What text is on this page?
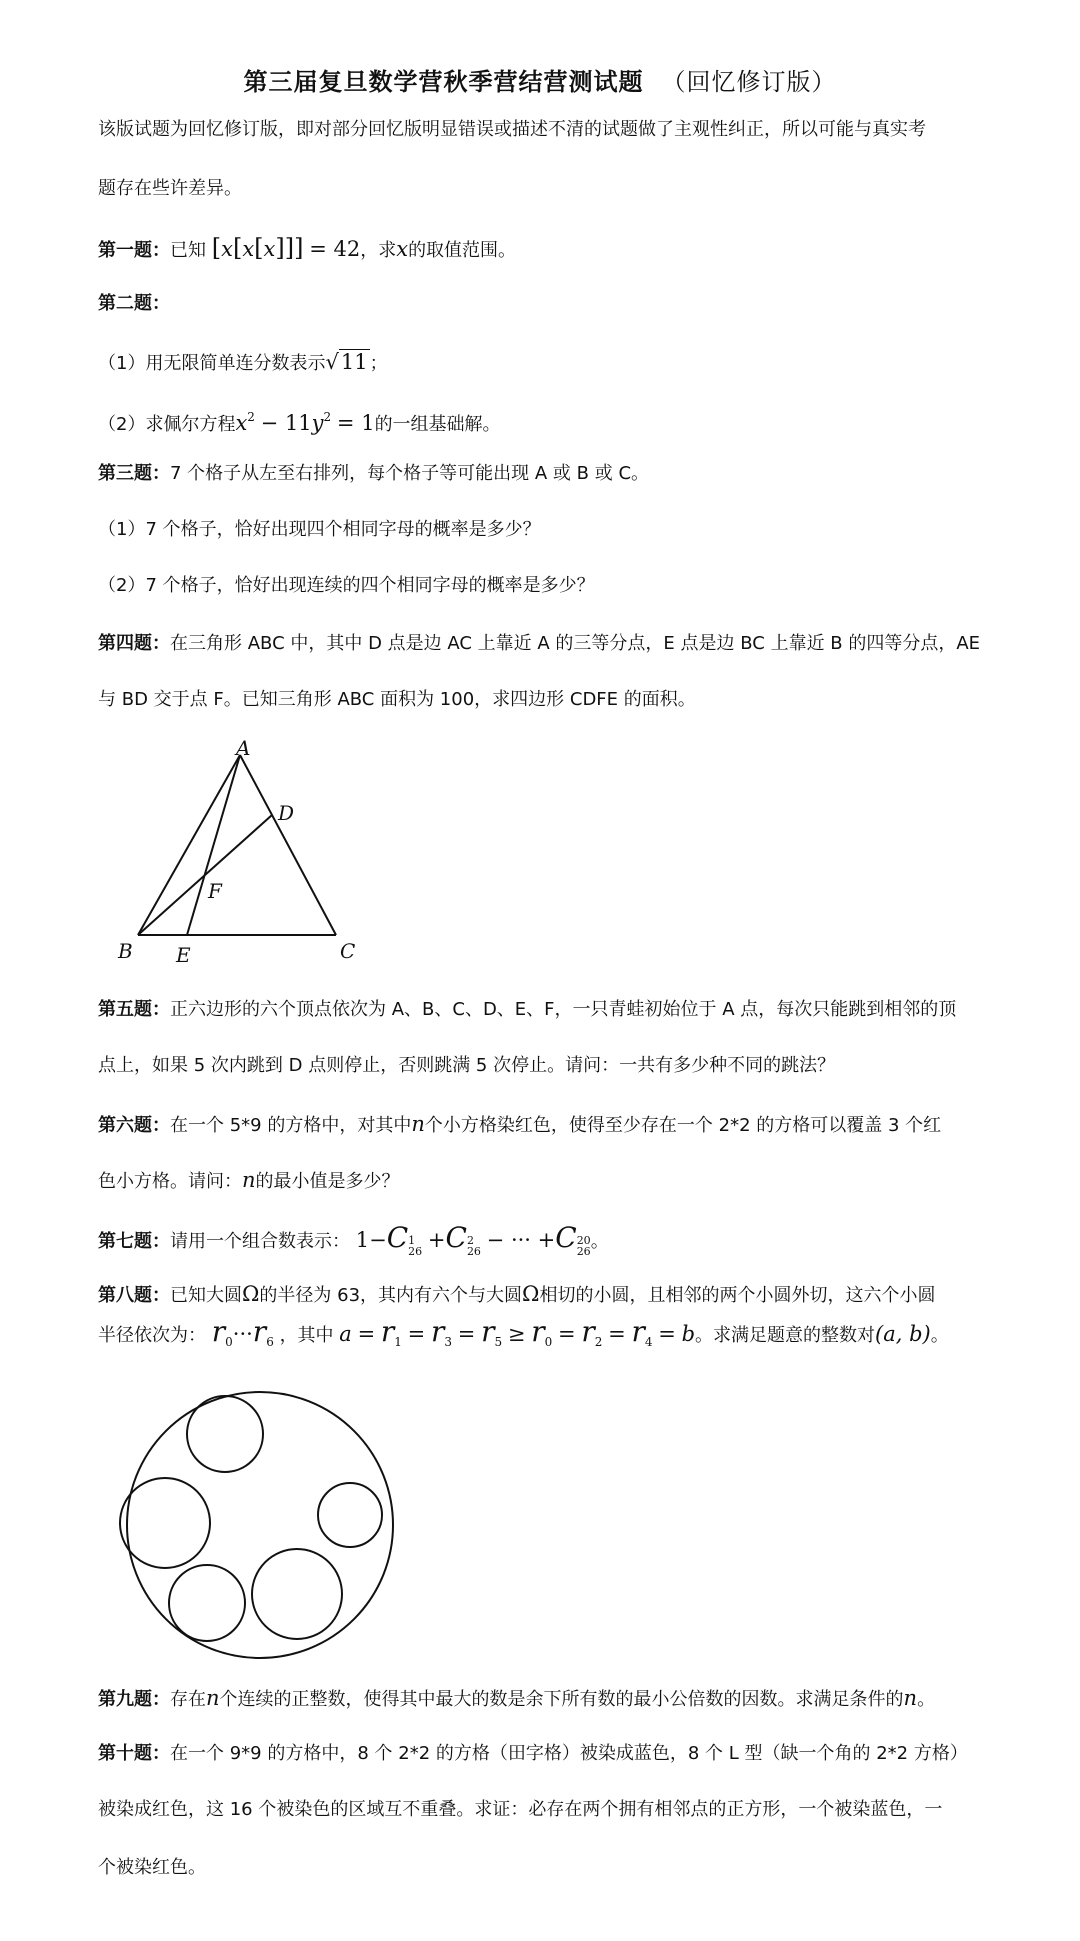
第三届复旦数学营秋季营结营测试题 （回忆修订版）
该版试题为回忆修订版，即对部分回忆版明显错误或描述不清的试题做了主观性纠正，所以可能与真实考
题存在些许差异。
第一题：已知 [x[x[x]]] = 42，求x的取值范围。
第二题：
（1）用无限简单连分数表示√11 ；
（2）求佩尔方程$x^2 - 11y^2 = 1$的一组基础解。
第三题：7 个格子从左至右排列，每个格子等可能出现 A 或 B 或 C。
（1）7 个格子，恰好出现四个相同字母的概率是多少？
（2）7 个格子，恰好出现连续的四个相同字母的概率是多少？
第四题：在三角形 ABC 中，其中 D 点是边 AC 上靠近 A 的三等分点，E 点是边 BC 上靠近 B 的四等分点，AE
与 BD 交于点 F。已知三角形 ABC 面积为 100，求四边形 CDFE 的面积。
A
B	C
D
E
F
第五题：正六边形的六个顶点依次为 A、B、C、D、E、F，一只青蛙初始位于 A 点，每次只能跳到相邻的顶
点上，如果 5 次内跳到 D 点则停止，否则跳满 5 次停止。请问：一共有多少种不同的跳法？
第六题：在一个 5*9 的方格中，对其中n个小方格染红色，使得至少存在一个 2*2 的方格可以覆盖 3 个红
色小方格。请问：n的最小值是多少？
第七题：请用一个组合数表示： 1−C 1
26 +C 2
26 − ··· +C 20
26 。
第八题：已知大圆Ω的半径为 63，其内有六个与大圆Ω相切的小圆，且相邻的两个小圆外切，这六个小圆
半径依次为： $r_0\cdot\cdot\cdot r_6$ ，其中 $a = r_1 = r_3 = r_5 \ge r_0 = r_2 = r_4 = b$。求满足题意的整数对(a, b)。
第九题：存在n个连续的正整数，使得其中最大的数是余下所有数的最小公倍数的因数。求满足条件的n。
第十题：在一个 9*9 的方格中，8 个 2*2 的方格（田字格）被染成蓝色，8 个 L 型（缺一个角的 2*2 方格）
被染成红色，这 16 个被染色的区域互不重叠。求证：必存在两个拥有相邻点的正方形，一个被染蓝色，一
个被染红色。
